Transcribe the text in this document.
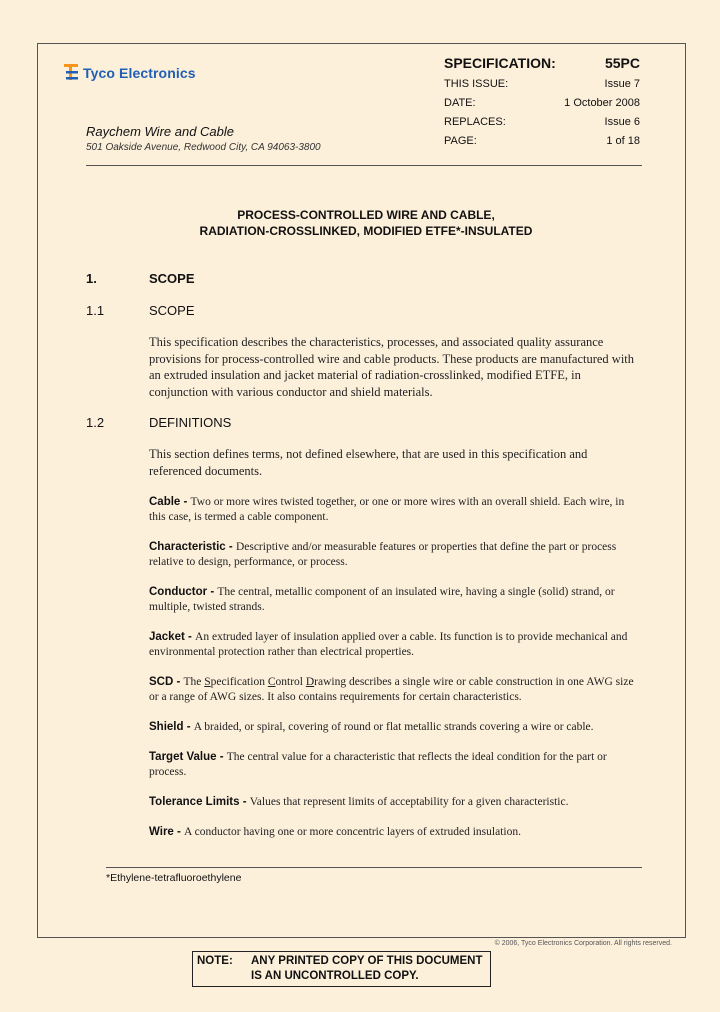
Tyco Electronics
Raychem Wire and Cable
501 Oakside Avenue, Redwood City, CA 94063-3800
SPECIFICATION:	55PC
THIS ISSUE:	Issue 7
DATE:	1 October 2008
REPLACES:	Issue 6
PAGE:	1 of 18
PROCESS-CONTROLLED WIRE AND CABLE,
RADIATION-CROSSLINKED, MODIFIED ETFE*-INSULATED
1.	SCOPE
1.1	SCOPE
This specification describes the characteristics, processes, and associated quality assurance provisions for process-controlled wire and cable products. These products are manufactured with an extruded insulation and jacket material of radiation-crosslinked, modified ETFE, in conjunction with various conductor and shield materials.
1.2	DEFINITIONS
This section defines terms, not defined elsewhere, that are used in this specification and referenced documents.
Cable - Two or more wires twisted together, or one or more wires with an overall shield. Each wire, in this case, is termed a cable component.
Characteristic - Descriptive and/or measurable features or properties that define the part or process relative to design, performance, or process.
Conductor - The central, metallic component of an insulated wire, having a single (solid) strand, or multiple, twisted strands.
Jacket - An extruded layer of insulation applied over a cable. Its function is to provide mechanical and environmental protection rather than electrical properties.
SCD - The Specification Control Drawing describes a single wire or cable construction in one AWG size or a range of AWG sizes. It also contains requirements for certain characteristics.
Shield - A braided, or spiral, covering of round or flat metallic strands covering a wire or cable.
Target Value - The central value for a characteristic that reflects the ideal condition for the part or process.
Tolerance Limits - Values that represent limits of acceptability for a given characteristic.
Wire - A conductor having one or more concentric layers of extruded insulation.
*Ethylene-tetrafluoroethylene
© 2006, Tyco Electronics Corporation. All rights reserved.
NOTE: ANY PRINTED COPY OF THIS DOCUMENT
IS AN UNCONTROLLED COPY.
